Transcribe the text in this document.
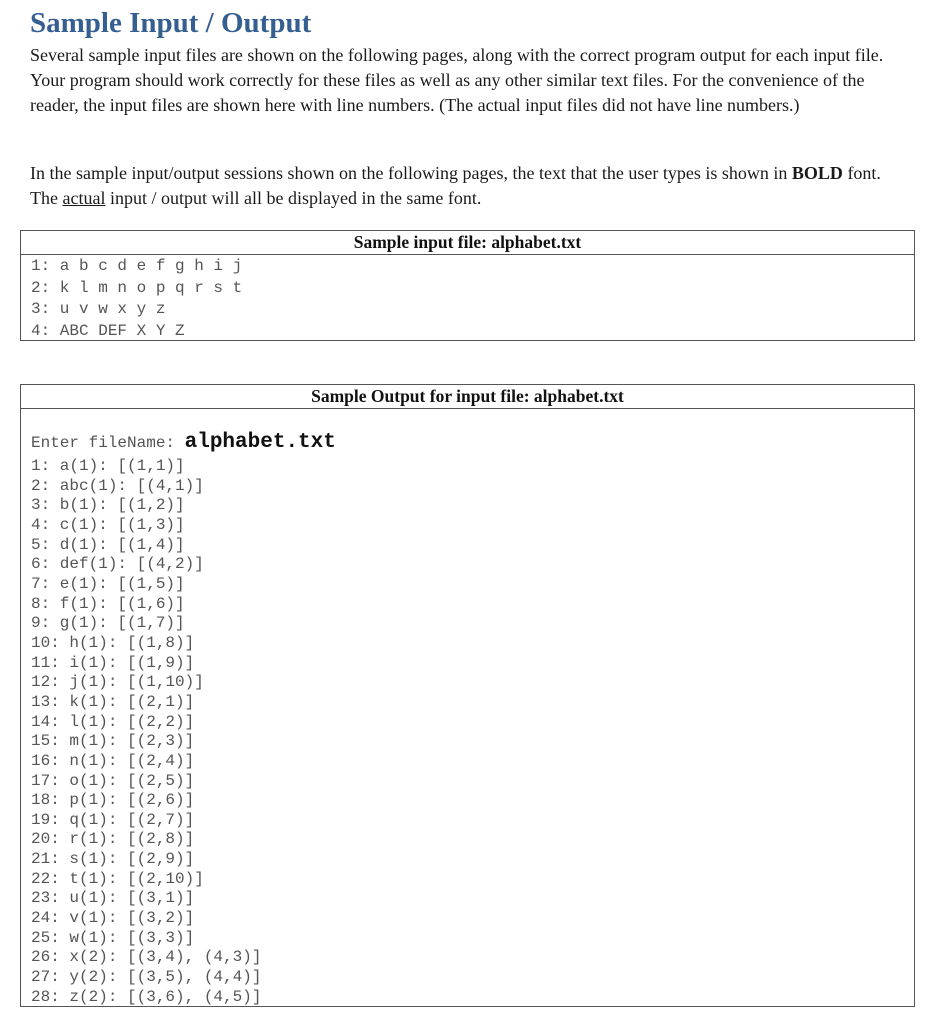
Sample Input / Output

Several sample input files are shown on the following pages, along with the correct program output for each input file. Your program should work correctly for these files as well as any other similar text files. For the convenience of the reader, the input files are shown here with line numbers. (The actual input files did not have line numbers.)

In the sample input/output sessions shown on the following pages, the text that the user types is shown in BOLD font. The actual input / output will all be displayed in the same font.

Sample input file: alphabet.txt
1: a b c d e f g h i j
2: k l m n o p q r s t
3: u v w x y z
4: ABC DEF X Y Z
Sample Output for input file: alphabet.txt
Enter fileName: alphabet.txt
1: a(1): [(1,1)]
2: abc(1): [(4,1)]
3: b(1): [(1,2)]
4: c(1): [(1,3)]
5: d(1): [(1,4)]
6: def(1): [(4,2)]
7: e(1): [(1,5)]
8: f(1): [(1,6)]
9: g(1): [(1,7)]
10: h(1): [(1,8)]
11: i(1): [(1,9)]
12: j(1): [(1,10)]
13: k(1): [(2,1)]
14: l(1): [(2,2)]
15: m(1): [(2,3)]
16: n(1): [(2,4)]
17: o(1): [(2,5)]
18: p(1): [(2,6)]
19: q(1): [(2,7)]
20: r(1): [(2,8)]
21: s(1): [(2,9)]
22: t(1): [(2,10)]
23: u(1): [(3,1)]
24: v(1): [(3,2)]
25: w(1): [(3,3)]
26: x(2): [(3,4), (4,3)]
27: y(2): [(3,5), (4,4)]
28: z(2): [(3,6), (4,5)]
